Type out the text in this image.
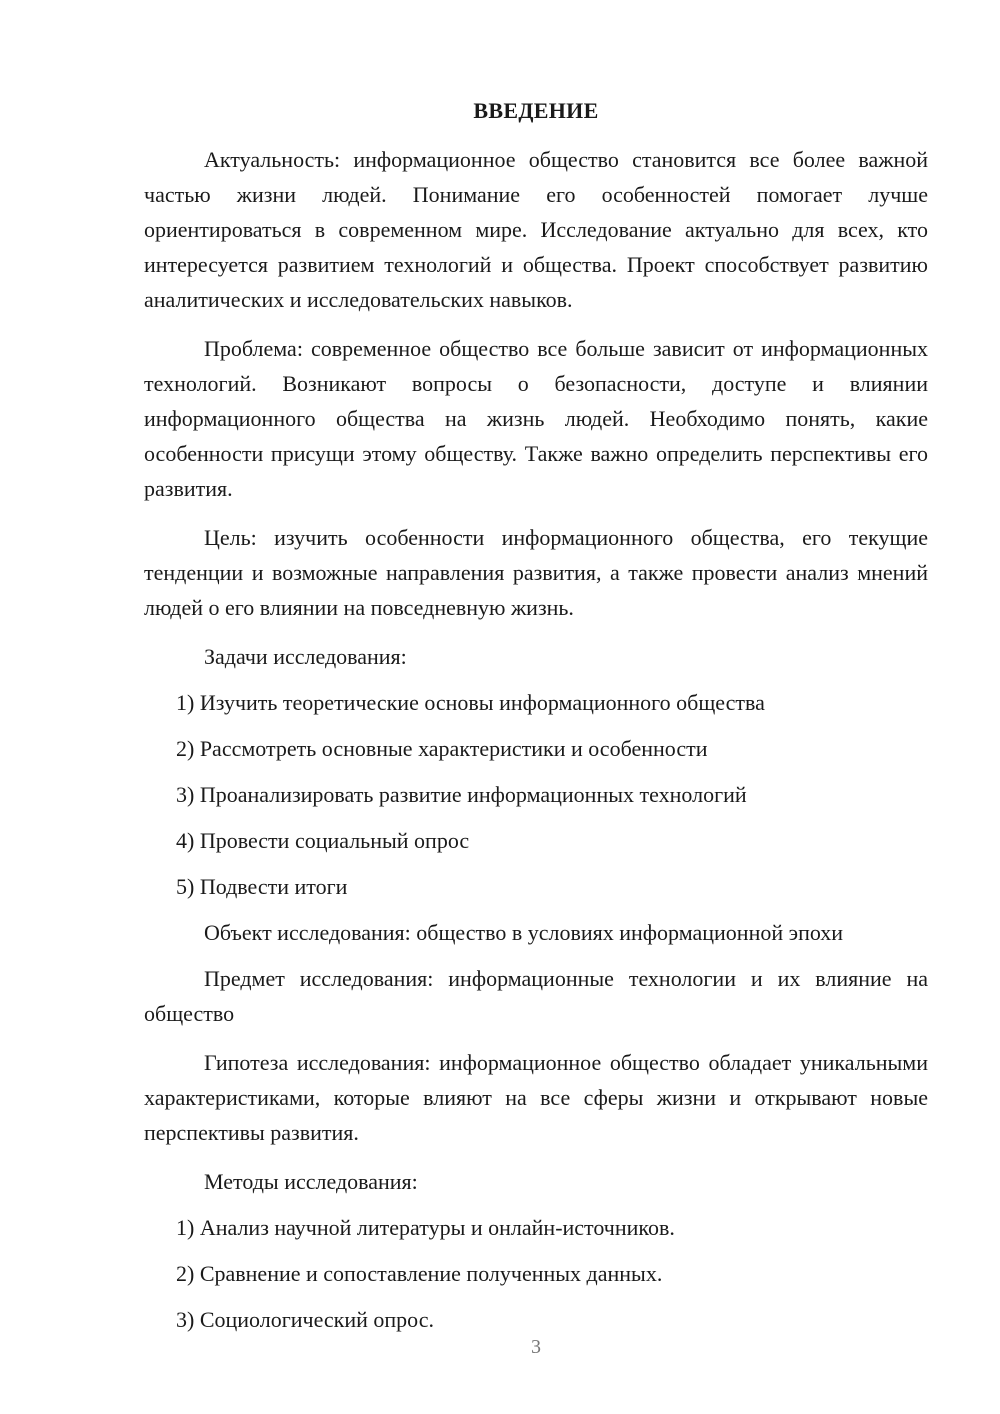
ВВЕДЕНИЕ

Актуальность: информационное общество становится все более важной частью жизни людей. Понимание его особенностей помогает лучше ориентироваться в современном мире. Исследование актуально для всех, кто интересуется развитием технологий и общества. Проект способствует развитию аналитических и исследовательских навыков.

Проблема: современное общество все больше зависит от информационных технологий. Возникают вопросы о безопасности, доступе и влиянии информационного общества на жизнь людей. Необходимо понять, какие особенности присущи этому обществу. Также важно определить перспективы его развития.

Цель: изучить особенности информационного общества, его текущие тенденции и возможные направления развития, а также провести анализ мнений людей о его влиянии на повседневную жизнь.

Задачи исследования:

1) Изучить теоретические основы информационного общества

2) Рассмотреть основные характеристики и особенности

3) Проанализировать развитие информационных технологий

4) Провести социальный опрос

5) Подвести итоги

Объект исследования: общество в условиях информационной эпохи

Предмет исследования: информационные технологии и их влияние на общество

Гипотеза исследования: информационное общество обладает уникальными характеристиками, которые влияют на все сферы жизни и открывают новые перспективы развития.

Методы исследования:

1) Анализ научной литературы и онлайн-источников.

2) Сравнение и сопоставление полученных данных.

3) Социологический опрос.

3
